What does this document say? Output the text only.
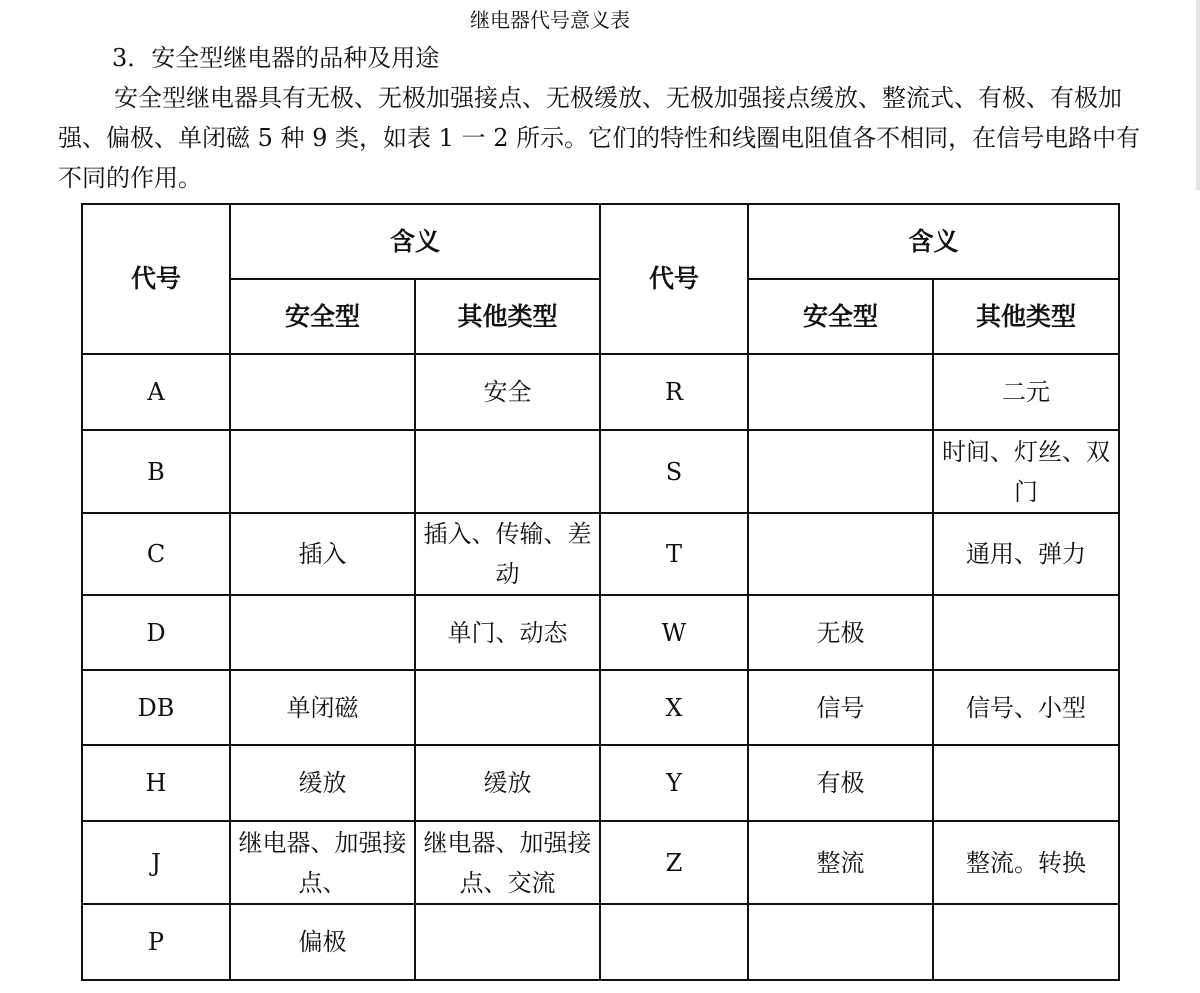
继电器代号意义表
3．安全型继电器的品种及用途
安全型继电器具有无极、无极加强接点、无极缓放、无极加强接点缓放、整流式、有极、有极加强、偏极、单闭磁 5 种 9 类，如表 1 一 2 所示。它们的特性和线圈电阻值各不相同，在信号电路中有不同的作用。
代号	含义		代号	含义	
	安全型	其他类型		安全型	其他类型
A		安全	R		二元
B			S		时间、灯丝、双门
C	插入	插入、传输、差动	T		通用、弹力
D		单门、动态	W	无极	
DB	单闭磁		X	信号	信号、小型
H	缓放	缓放	Y	有极	
J	继电器、加强接点、	继电器、加强接点、交流	Z	整流	整流。转换
P	偏极				
